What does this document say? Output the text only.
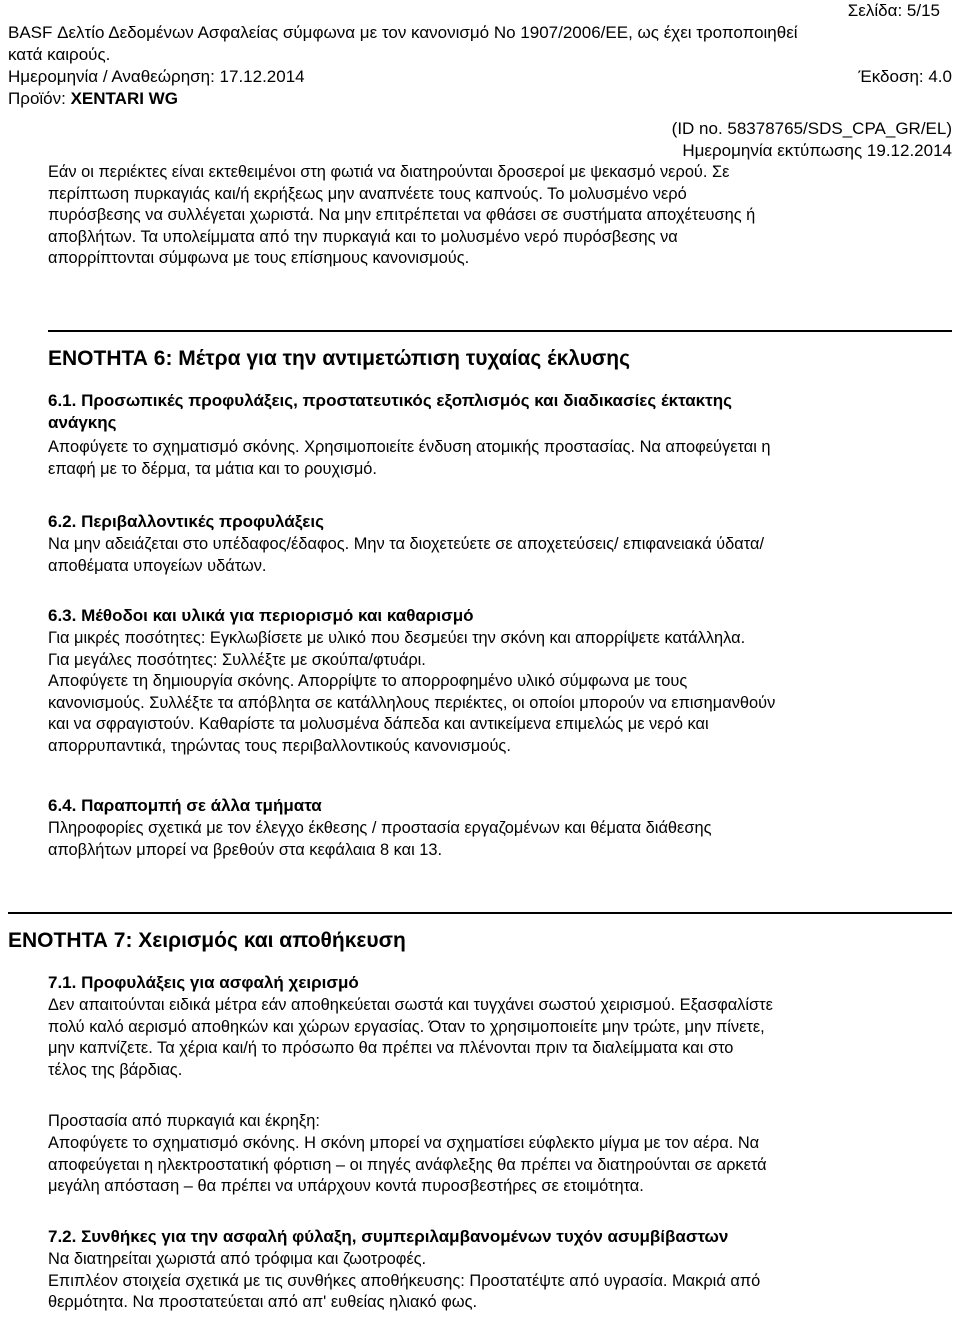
Σελίδα: 5/15
BASF Δελτίο Δεδομένων Ασφαλείας σύμφωνα με τον κανονισμό Νο 1907/2006/ΕΕ, ως έχει τροποποιηθεί
κατά καιρούς.
Ημερομηνία / Αναθεώρηση: 17.12.2014	Έκδοση: 4.0
Προϊόν: XENTARI WG
(ID no. 58378765/SDS_CPA_GR/EL)
Ημερομηνία εκτύπωσης 19.12.2014
Εάν οι περιέκτες είναι εκτεθειμένοι στη φωτιά να διατηρούνται δροσεροί με ψεκασμό νερού. Σε
περίπτωση πυρκαγιάς και/ή εκρήξεως μην αναπνέετε τους καπνούς. Το μολυσμένο νερό
πυρόσβεσης να συλλέγεται χωριστά. Να μην επιτρέπεται να φθάσει σε συστήματα αποχέτευσης ή
αποβλήτων. Τα υπολείμματα από την πυρκαγιά και το μολυσμένο νερό πυρόσβεσης να
απορρίπτονται σύμφωνα με τους επίσημους κανονισμούς.
ΕΝΟΤΗΤΑ 6: Μέτρα για την αντιμετώπιση τυχαίας έκλυσης
6.1. Προσωπικές προφυλάξεις, προστατευτικός εξοπλισμός και διαδικασίες έκτακτης
ανάγκης
Αποφύγετε το σχηματισμό σκόνης. Χρησιμοποιείτε ένδυση ατομικής προστασίας. Να αποφεύγεται η
επαφή με το δέρμα, τα μάτια και το ρουχισμό.
6.2. Περιβαλλοντικές προφυλάξεις
Να μην αδειάζεται στο υπέδαφος/έδαφος. Μην τα διοχετεύετε σε αποχετεύσεις/ επιφανειακά ύδατα/
αποθέματα υπογείων υδάτων.
6.3. Μέθοδοι και υλικά για περιορισμό και καθαρισμό
Για μικρές ποσότητες: Εγκλωβίσετε με υλικό που δεσμεύει την σκόνη και απορρίψετε κατάλληλα.
Για μεγάλες ποσότητες: Συλλέξτε με σκούπα/φτυάρι.
Αποφύγετε τη δημιουργία σκόνης. Απορρίψτε το απορροφημένο υλικό σύμφωνα με τους
κανονισμούς. Συλλέξτε τα απόβλητα σε κατάλληλους περιέκτες, οι οποίοι μπορούν να επισημανθούν
και να σφραγιστούν. Καθαρίστε τα μολυσμένα δάπεδα και αντικείμενα επιμελώς με νερό και
απορρυπαντικά, τηρώντας τους περιβαλλοντικούς κανονισμούς.
6.4. Παραπομπή σε άλλα τμήματα
Πληροφορίες σχετικά με τον έλεγχο έκθεσης / προστασία εργαζομένων και θέματα διάθεσης
αποβλήτων μπορεί να βρεθούν στα κεφάλαια 8 και 13.
ΕΝΟΤΗΤΑ 7: Χειρισμός και αποθήκευση
7.1. Προφυλάξεις για ασφαλή χειρισμό
Δεν απαιτούνται ειδικά μέτρα εάν αποθηκεύεται σωστά και τυγχάνει σωστού χειρισμού. Εξασφαλίστε
πολύ καλό αερισμό αποθηκών και χώρων εργασίας. Όταν το χρησιμοποιείτε μην τρώτε, μην πίνετε,
μην καπνίζετε. Τα χέρια και/ή το πρόσωπο θα πρέπει να πλένονται πριν τα διαλείμματα και στο
τέλος της βάρδιας.
Προστασία από πυρκαγιά και έκρηξη:
Αποφύγετε το σχηματισμό σκόνης. Η σκόνη μπορεί να σχηματίσει εύφλεκτο μίγμα με τον αέρα. Να
αποφεύγεται η ηλεκτροστατική φόρτιση – οι πηγές ανάφλεξης θα πρέπει να διατηρούνται σε αρκετά
μεγάλη απόσταση – θα πρέπει να υπάρχουν κοντά πυροσβεστήρες σε ετοιμότητα.
7.2. Συνθήκες για την ασφαλή φύλαξη, συμπεριλαμβανομένων τυχόν ασυμβίβαστων
Να διατηρείται χωριστά από τρόφιμα και ζωοτροφές.
Επιπλέον στοιχεία σχετικά με τις συνθήκες αποθήκευσης: Προστατέψτε από υγρασία. Μακριά από
θερμότητα. Να προστατεύεται από απ' ευθείας ηλιακό φως.
